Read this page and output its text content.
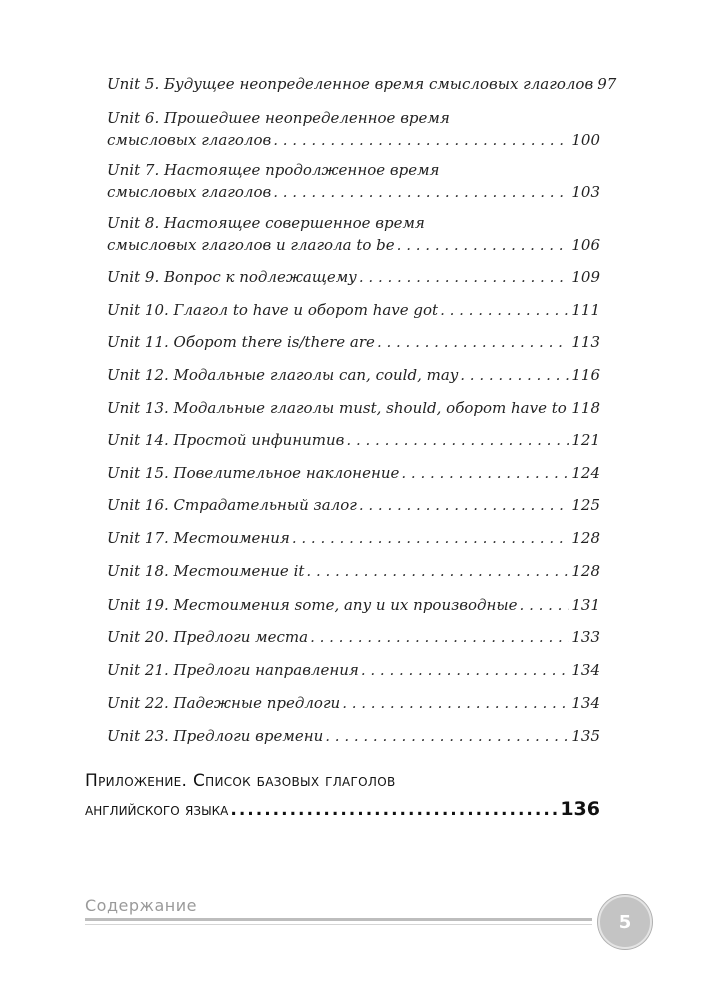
Unit 5. Будущее неопределенное время смысловых глаголов 97
Unit 6. Прошедшее неопределенное время
смысловых глаголов . . .	100
Unit 7. Настоящее продолженное время
смысловых глаголов . . .	103
Unit 8. Настоящее совершенное время
смысловых глаголов и глагола to be . . .	106
Unit 9. Вопрос к подлежащему . . .	109
Unit 10. Глагол to have и оборот have got . . .	111
Unit 11. Оборот there is/there are . . .	113
Unit 12. Модальные глаголы can, could, may . . .	116
Unit 13. Модальные глаголы must, should, оборот have to . . . 118
Unit 14. Простой инфинитив . . .	121
Unit 15. Повелительное наклонение . . .	124
Unit 16. Страдательный залог . . .	125
Unit 17. Местоимения . . .	128
Unit 18. Местоимение it . . .	128
Unit 19. Местоимения some, any и их производные . . .	131
Unit 20. Предлоги места . . .	133
Unit 21. Предлоги направления . . .	134
Unit 22. Падежные предлоги . . .	134
Unit 23. Предлоги времени . . .	135
Приложение. Список базовых глаголов
английского языка .....	136
Содержание
5
